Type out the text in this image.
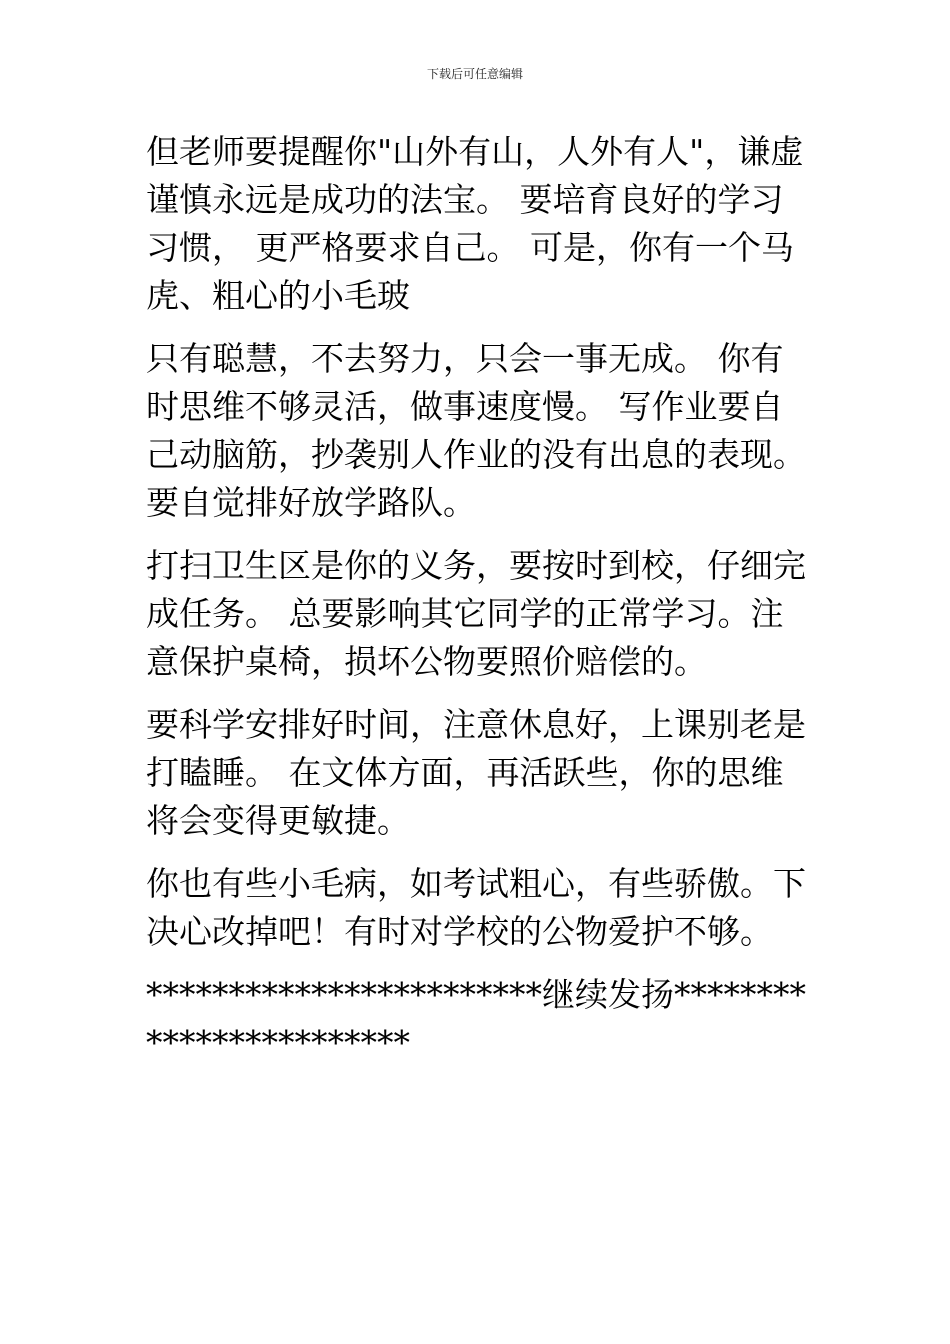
下载后可任意编辑

但老师要提醒你"山外有山，人外有人"，谦虚谨慎永远是成功的法宝。 要培育良好的学习习惯， 更严格要求自己。 可是，你有一个马虎、粗心的小毛玻

只有聪慧，不去努力，只会一事无成。 你有时思维不够灵活，做事速度慢。 写作业要自己动脑筋，抄袭别人作业的没有出息的表现。 要自觉排好放学路队。

打扫卫生区是你的义务，要按时到校，仔细完成任务。 总要影响其它同学的正常学习。注意保护桌椅，损坏公物要照价赔偿的。

要科学安排好时间，注意休息好，上课别老是打瞌睡。 在文体方面，再活跃些，你的思维将会变得更敏捷。

你也有些小毛病，如考试粗心，有些骄傲。下决心改掉吧！有时对学校的公物爱护不够。

************************继续发扬************************
